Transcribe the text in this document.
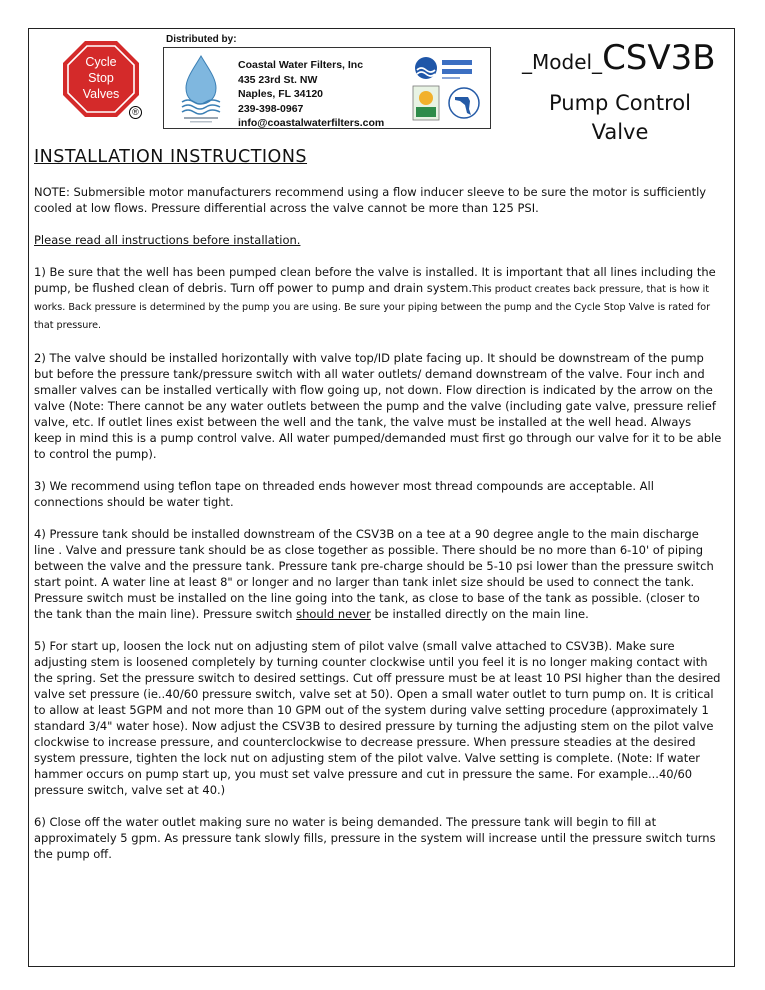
Cycle
Stop
Valves
®
Distributed by:
Coastal Water Filters, Inc
435 23rd St. NW
Naples, FL 34120
239-398-0967
info@coastalwaterfilters.com
_Model_CSV3B
Pump Control
Valve
INSTALLATION INSTRUCTIONS

NOTE: Submersible motor manufacturers recommend using a flow inducer sleeve to be sure the motor is sufficiently cooled at low flows. Pressure differential across the valve cannot be more than 125 PSI.

Please read all instructions before installation.

1) Be sure that the well has been pumped clean before the valve is installed. It is important that all lines including the pump, be flushed clean of debris. Turn off power to pump and drain system.This product creates back pressure, that is how it works. Back pressure is determined by the pump you are using. Be sure your piping between the pump and the Cycle Stop Valve is rated for that pressure.

2) The valve should be installed horizontally with valve top/ID plate facing up. It should be downstream of the pump but before the pressure tank/pressure switch with all water outlets/ demand downstream of the valve. Four inch and smaller valves can be installed vertically with flow going up, not down. Flow direction is indicated by the arrow on the valve (Note: There cannot be any water outlets between the pump and the valve (including gate valve, pressure relief valve, etc. If outlet lines exist between the well and the tank, the valve must be installed at the well head. Always keep in mind this is a pump control valve. All water pumped/demanded must first go through our valve for it to be able to control the pump).

3) We recommend using teflon tape on threaded ends however most thread compounds are acceptable. All connections should be water tight.

4) Pressure tank should be installed downstream of the CSV3B on a tee at a 90 degree angle to the main discharge line . Valve and pressure tank should be as close together as possible. There should be no more than 6-10' of piping between the valve and the pressure tank. Pressure tank pre-charge should be 5-10 psi lower than the pressure switch start point. A water line at least 8" or longer and no larger than tank inlet size should be used to connect the tank. Pressure switch must be installed on the line going into the tank, as close to base of the tank as possible. (closer to the tank than the main line). Pressure switch should never be installed directly on the main line.

5) For start up, loosen the lock nut on adjusting stem of pilot valve (small valve attached to CSV3B). Make sure adjusting stem is loosened completely by turning counter clockwise until you feel it is no longer making contact with the spring. Set the pressure switch to desired settings. Cut off pressure must be at least 10 PSI higher than the desired valve set pressure (ie..40/60 pressure switch, valve set at 50). Open a small water outlet to turn pump on. It is critical to allow at least 5GPM and not more than 10 GPM out of the system during valve setting procedure (approximately 1 standard 3/4" water hose). Now adjust the CSV3B to desired pressure by turning the adjusting stem on the pilot valve clockwise to increase pressure, and counterclockwise to decrease pressure. When pressure steadies at the desired system pressure, tighten the lock nut on adjusting stem of the pilot valve. Valve setting is complete. (Note: If water hammer occurs on pump start up, you must set valve pressure and cut in pressure the same. For example...40/60 pressure switch, valve set at 40.)

6) Close off the water outlet making sure no water is being demanded. The pressure tank will begin to fill at approximately 5 gpm. As pressure tank slowly fills, pressure in the system will increase until the pressure switch turns the pump off.
